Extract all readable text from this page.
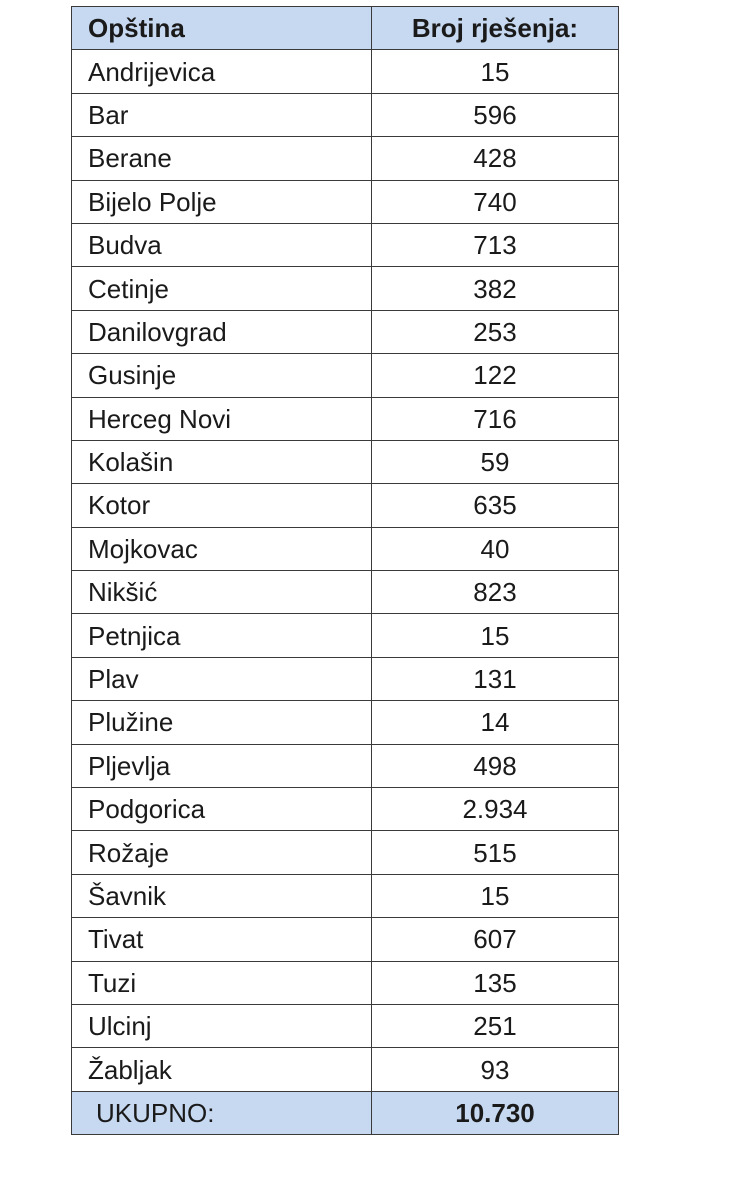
Opština	Broj rješenja:
Andrijevica	15
Bar	596
Berane	428
Bijelo Polje	740
Budva	713
Cetinje	382
Danilovgrad	253
Gusinje	122
Herceg Novi	716
Kolašin	59
Kotor	635
Mojkovac	40
Nikšić	823
Petnjica	15
Plav	131
Plužine	14
Pljevlja	498
Podgorica	2.934
Rožaje	515
Šavnik	15
Tivat	607
Tuzi	135
Ulcinj	251
Žabljak	93
UKUPNO:	10.730
